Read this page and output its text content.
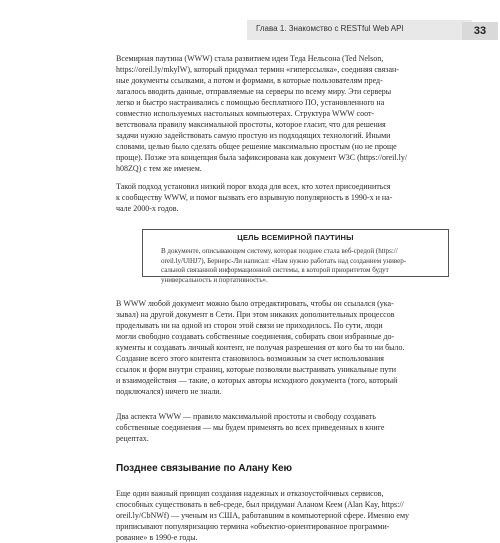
Глава 1. Знакомство с RESTful Web API	33
Всемирная паутина (WWW) стала развитием идеи Теда Нельсона (Ted Nelson,
https://oreil.ly/mkylW), который придумал термин «гиперссылка», соединяя связан-
ные документы ссылками, а потом и формами, в которые пользователям пред-
лагалось вводить данные, отправляемые на серверы по всему миру. Эти серверы
легко и быстро настраивались с помощью бесплатного ПО, установленного на
совместно используемых настольных компьютерах. Структура WWW соот-
ветствовала правилу максимальной простоты, которое гласит, что для решения
задачи нужно задействовать самую простую из подходящих технологий. Иными
словами, целью было сделать общее решение максимально простым (но не проще
проще). Позже эта концепция была зафиксирована как документ W3C (https://oreil.ly/
h08ZQ) с тем же именем.
Такой подход установил низкий порог входа для всех, кто хотел присоединиться
к сообществу WWW, и помог вызвать его взрывную популярность в 1990-х и на-
чале 2000-х годов.
ЦЕЛЬ ВСЕМИРНОЙ ПАУТИНЫ
В документе, описывающем систему, которая позднее стала веб-средой (https://
oreil.ly/UlHJ7), Бернерс-Ли написал: «Нам нужно работать над созданием универ-
сальной связанной информационной системы, в которой приоритетом будут
универсальность и портативность».
В WWW любой документ можно было отредактировать, чтобы он ссылался (ука-
зывал) на другой документ в Сети. При этом никаких дополнительных процессов
проделывать ни на одной из сторон этой связи не приходилось. По сути, люди
могли свободно создавать собственные соединения, собирать свои избранные до-
кументы и создавать личный контент, не получая разрешения от кого бы то ни было.
Создание всего этого контента становилось возможным за счет использования
ссылок и форм внутри страниц, которые позволяли выстраивать уникальные пути
и взаимодействия — такие, о которых авторы исходного документа (того, который
подключался) ничего не знали.
Два аспекта WWW — правило максимальной простоты и свободу создавать
собственные соединения — мы будем применять во всех приведенных в книге
рецептах.
Позднее связывание по Алану Кею
Еще один важный принцип создания надежных и отказоустойчивых сервисов,
способных существовать в веб-среде, был придуман Аланом Кеем (Alan Kay, https://
oreil.ly/CbNWf) — ученым из США, работавшим в компьютерной сфере. Именно ему
приписывают популяризацию термина «объектно-ориентированное программи-
рование» в 1990-е годы.
